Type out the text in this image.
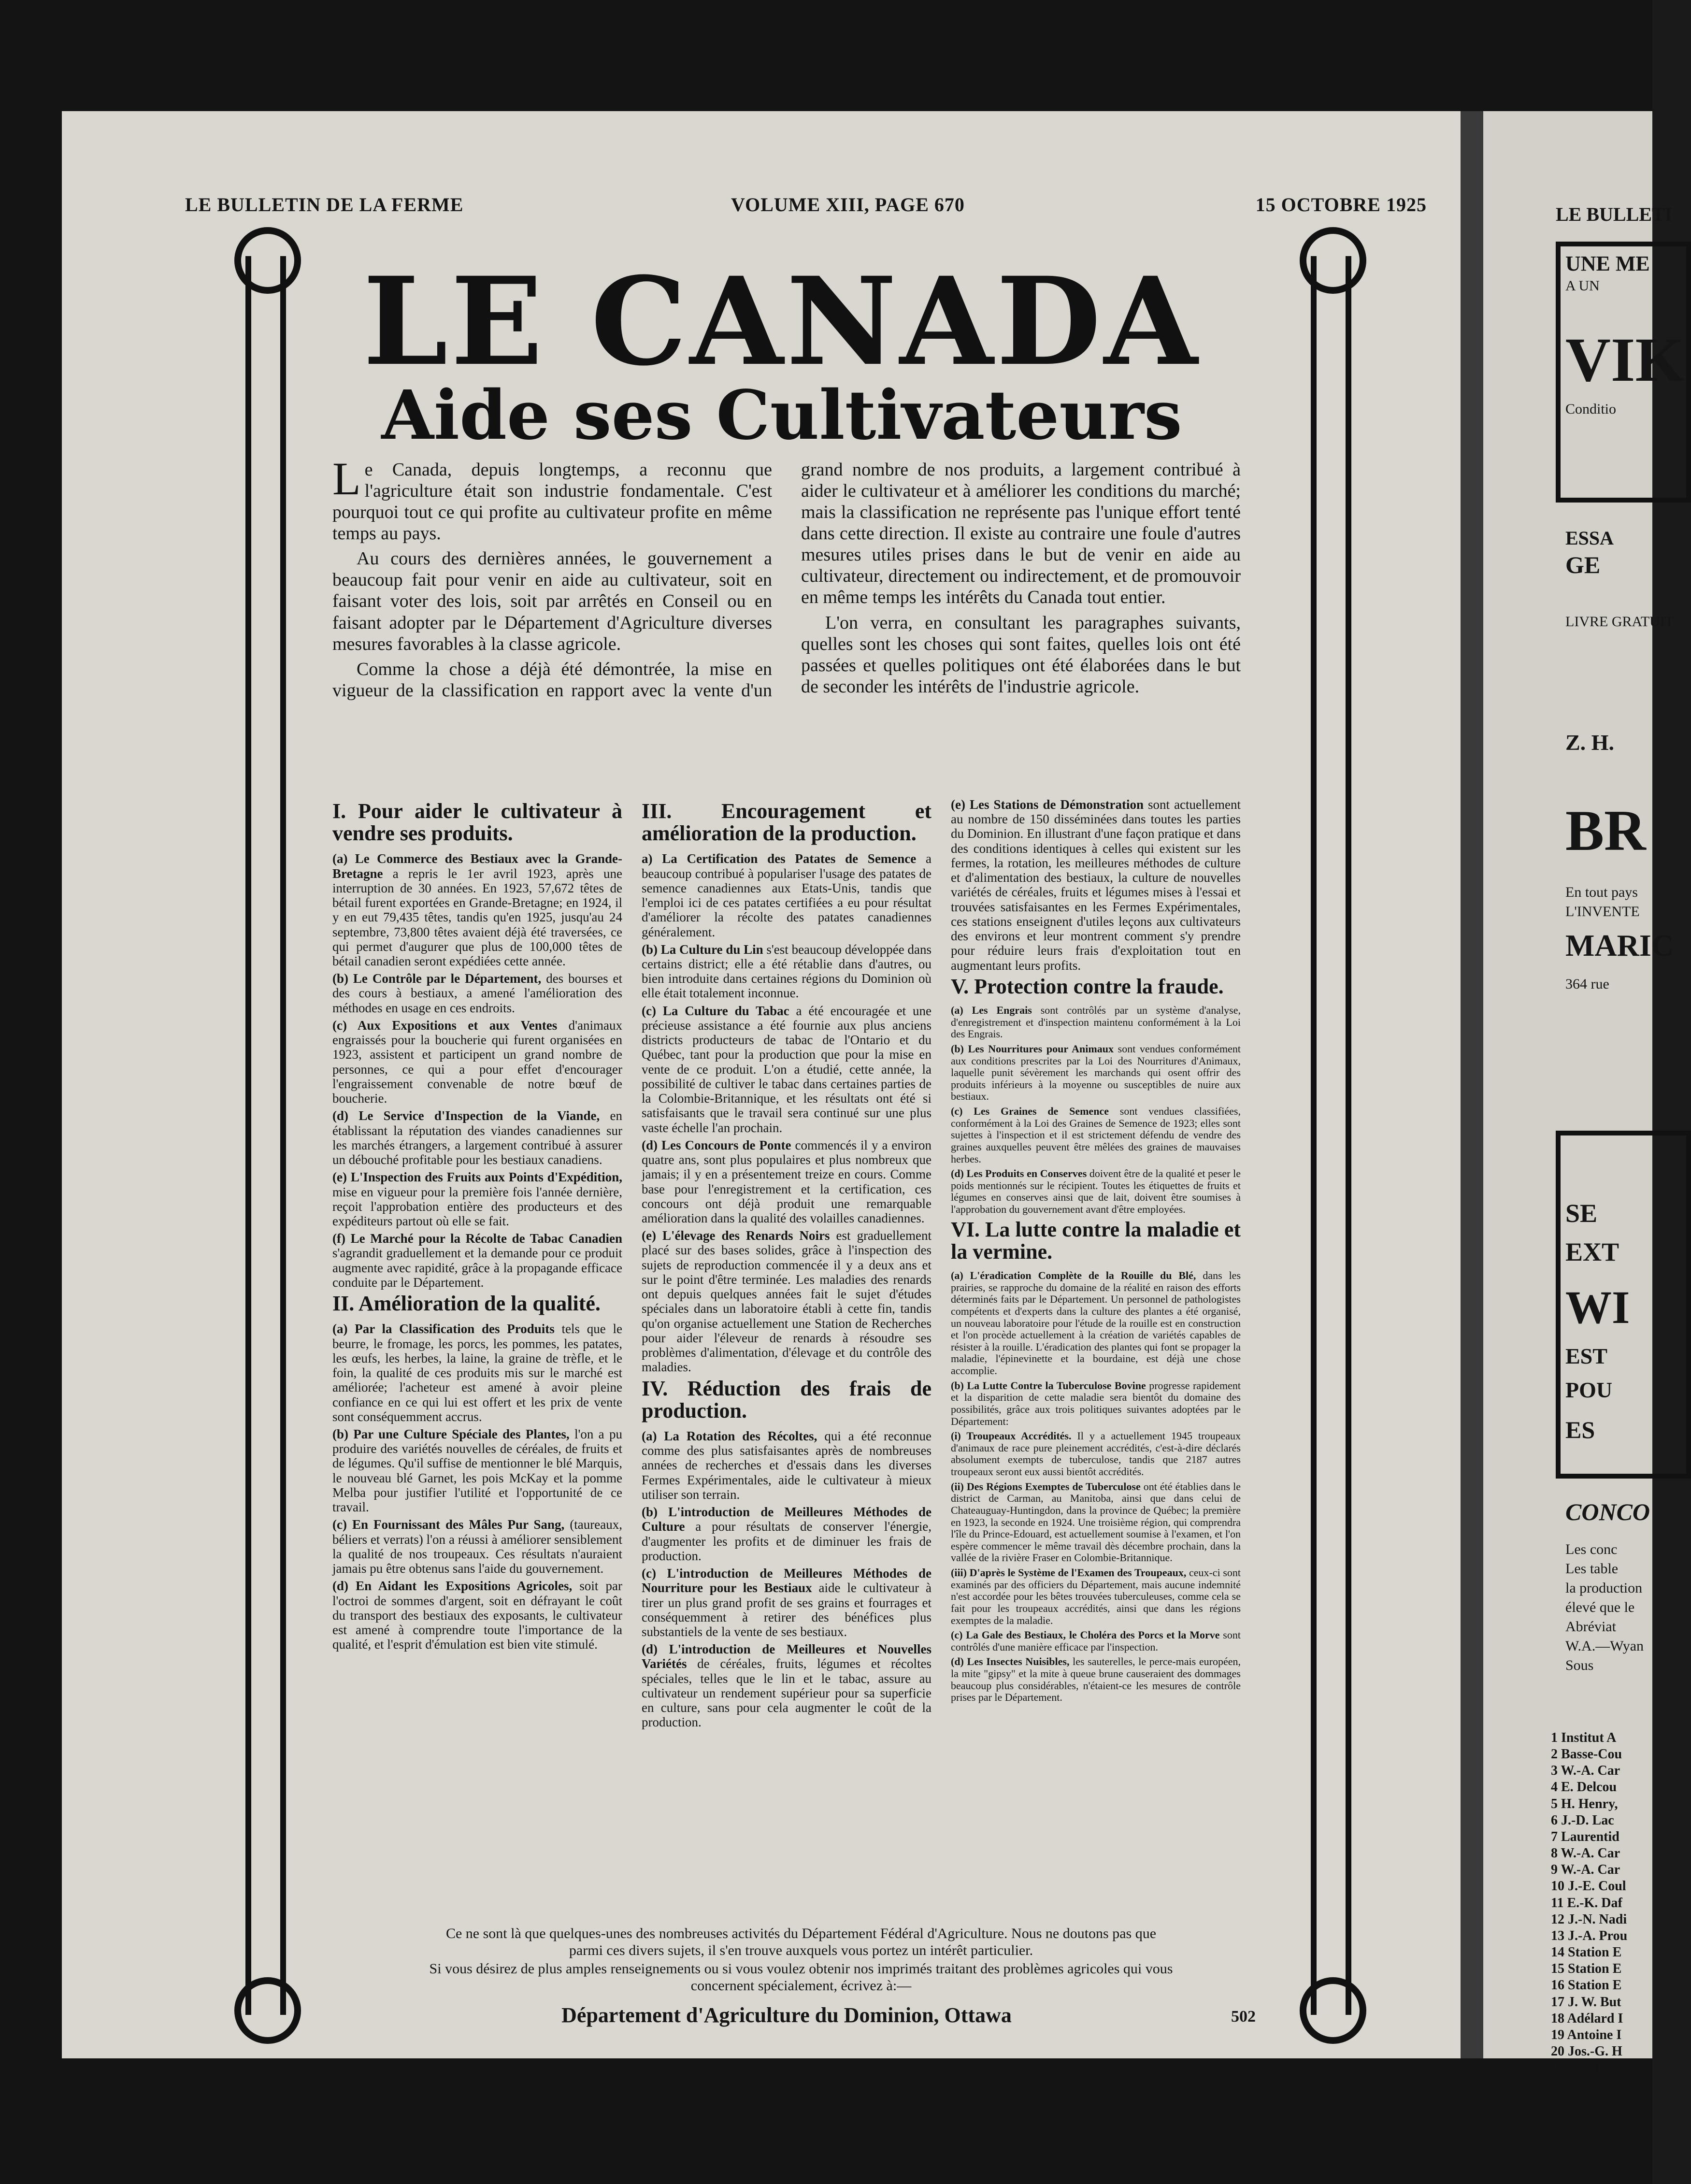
LE BULLETIN DE LA FERME	VOLUME XIII, PAGE 670	15 OCTOBRE 1925
LE CANADA
Aide ses Cultivateurs

Le Canada, depuis longtemps, a reconnu que l'agriculture était son industrie fondamentale. C'est pourquoi tout ce qui profite au cultivateur profite en même temps au pays.

Au cours des dernières années, le gouvernement a beaucoup fait pour venir en aide au cultivateur, soit en faisant voter des lois, soit par arrêtés en Conseil ou en faisant adopter par le Département d'Agriculture diverses mesures favorables à la classe agricole.

Comme la chose a déjà été démontrée, la mise en vigueur de la classification en rapport avec la vente d'un grand nombre de nos produits, a largement contribué à aider le cultivateur et à améliorer les conditions du marché; mais la classification ne représente pas l'unique effort tenté dans cette direction. Il existe au contraire une foule d'autres mesures utiles prises dans le but de venir en aide au cultivateur, directement ou indirectement, et de promouvoir en même temps les intérêts du Canada tout entier.

L'on verra, en consultant les paragraphes suivants, quelles sont les choses qui sont faites, quelles lois ont été passées et quelles politiques ont été élaborées dans le but de seconder les intérêts de l'industrie agricole.

I. Pour aider le cultivateur à vendre ses produits.

(a) Le Commerce des Bestiaux avec la Grande-Bretagne a repris le 1er avril 1923, après une interruption de 30 années. En 1923, 57,672 têtes de bétail furent exportées en Grande-Bretagne; en 1924, il y en eut 79,435 têtes, tandis qu'en 1925, jusqu'au 24 septembre, 73,800 têtes avaient déjà été traversées, ce qui permet d'augurer que plus de 100,000 têtes de bétail canadien seront expédiées cette année.

(b) Le Contrôle par le Département, des bourses et des cours à bestiaux, a amené l'amélioration des méthodes en usage en ces endroits.

(c) Aux Expositions et aux Ventes d'animaux engraissés pour la boucherie qui furent organisées en 1923, assistent et participent un grand nombre de personnes, ce qui a pour effet d'encourager l'engraissement convenable de notre bœuf de boucherie.

(d) Le Service d'Inspection de la Viande, en établissant la réputation des viandes canadiennes sur les marchés étrangers, a largement contribué à assurer un débouché profitable pour les bestiaux canadiens.

(e) L'Inspection des Fruits aux Points d'Expédition, mise en vigueur pour la première fois l'année dernière, reçoit l'approbation entière des producteurs et des expéditeurs partout où elle se fait.

(f) Le Marché pour la Récolte de Tabac Canadien s'agrandit graduellement et la demande pour ce produit augmente avec rapidité, grâce à la propagande efficace conduite par le Département.

II. Amélioration de la qualité.

(a) Par la Classification des Produits tels que le beurre, le fromage, les porcs, les pommes, les patates, les œufs, les herbes, la laine, la graine de trèfle, et le foin, la qualité de ces produits mis sur le marché est améliorée; l'acheteur est amené à avoir pleine confiance en ce qui lui est offert et les prix de vente sont conséquemment accrus.

(b) Par une Culture Spéciale des Plantes, l'on a pu produire des variétés nouvelles de céréales, de fruits et de légumes. Qu'il suffise de mentionner le blé Marquis, le nouveau blé Garnet, les pois McKay et la pomme Melba pour justifier l'utilité et l'opportunité de ce travail.

(c) En Fournissant des Mâles Pur Sang, (taureaux, béliers et verrats) l'on a réussi à améliorer sensiblement la qualité de nos troupeaux. Ces résultats n'auraient jamais pu être obtenus sans l'aide du gouvernement.

(d) En Aidant les Expositions Agricoles, soit par l'octroi de sommes d'argent, soit en défrayant le coût du transport des bestiaux des exposants, le cultivateur est amené à comprendre toute l'importance de la qualité, et l'esprit d'émulation est bien vite stimulé.

III. Encouragement et amélioration de la production.

a) La Certification des Patates de Semence a beaucoup contribué à populariser l'usage des patates de semence canadiennes aux Etats-Unis, tandis que l'emploi ici de ces patates certifiées a eu pour résultat d'améliorer la récolte des patates canadiennes généralement.

(b) La Culture du Lin s'est beaucoup développée dans certains district; elle a été rétablie dans d'autres, ou bien introduite dans certaines régions du Dominion où elle était totalement inconnue.

(c) La Culture du Tabac a été encouragée et une précieuse assistance a été fournie aux plus anciens districts producteurs de tabac de l'Ontario et du Québec, tant pour la production que pour la mise en vente de ce produit. L'on a étudié, cette année, la possibilité de cultiver le tabac dans certaines parties de la Colombie-Britannique, et les résultats ont été si satisfaisants que le travail sera continué sur une plus vaste échelle l'an prochain.

(d) Les Concours de Ponte commencés il y a environ quatre ans, sont plus populaires et plus nombreux que jamais; il y en a présentement treize en cours. Comme base pour l'enregistrement et la certification, ces concours ont déjà produit une remarquable amélioration dans la qualité des volailles canadiennes.

(e) L'élevage des Renards Noirs est graduellement placé sur des bases solides, grâce à l'inspection des sujets de reproduction commencée il y a deux ans et sur le point d'être terminée. Les maladies des renards ont depuis quelques années fait le sujet d'études spéciales dans un laboratoire établi à cette fin, tandis qu'on organise actuellement une Station de Recherches pour aider l'éleveur de renards à résoudre ses problèmes d'alimentation, d'élevage et du contrôle des maladies.

IV. Réduction des frais de production.

(a) La Rotation des Récoltes, qui a été reconnue comme des plus satisfaisantes après de nombreuses années de recherches et d'essais dans les diverses Fermes Expérimentales, aide le cultivateur à mieux utiliser son terrain.

(b) L'introduction de Meilleures Méthodes de Culture a pour résultats de conserver l'énergie, d'augmenter les profits et de diminuer les frais de production.

(c) L'introduction de Meilleures Méthodes de Nourriture pour les Bestiaux aide le cultivateur à tirer un plus grand profit de ses grains et fourrages et conséquemment à retirer des bénéfices plus substantiels de la vente de ses bestiaux.

(d) L'introduction de Meilleures et Nouvelles Variétés de céréales, fruits, légumes et récoltes spéciales, telles que le lin et le tabac, assure au cultivateur un rendement supérieur pour sa superficie en culture, sans pour cela augmenter le coût de la production.

(e) Les Stations de Démonstration sont actuellement au nombre de 150 disséminées dans toutes les parties du Dominion. En illustrant d'une façon pratique et dans des conditions identiques à celles qui existent sur les fermes, la rotation, les meilleures méthodes de culture et d'alimentation des bestiaux, la culture de nouvelles variétés de céréales, fruits et légumes mises à l'essai et trouvées satisfaisantes en les Fermes Expérimentales, ces stations enseignent d'utiles leçons aux cultivateurs des environs et leur montrent comment s'y prendre pour réduire leurs frais d'exploitation tout en augmentant leurs profits.

V. Protection contre la fraude.

(a) Les Engrais sont contrôlés par un système d'analyse, d'enregistrement et d'inspection maintenu conformément à la Loi des Engrais.

(b) Les Nourritures pour Animaux sont vendues conformément aux conditions prescrites par la Loi des Nourritures d'Animaux, laquelle punit sévèrement les marchands qui osent offrir des produits inférieurs à la moyenne ou susceptibles de nuire aux bestiaux.

(c) Les Graines de Semence sont vendues classifiées, conformément à la Loi des Graines de Semence de 1923; elles sont sujettes à l'inspection et il est strictement défendu de vendre des graines auxquelles peuvent être mêlées des graines de mauvaises herbes.

(d) Les Produits en Conserves doivent être de la qualité et peser le poids mentionnés sur le récipient. Toutes les étiquettes de fruits et légumes en conserves ainsi que de lait, doivent être soumises à l'approbation du gouvernement avant d'être employées.

VI. La lutte contre la maladie et la vermine.

(a) L'éradication Complète de la Rouille du Blé, dans les prairies, se rapproche du domaine de la réalité en raison des efforts déterminés faits par le Département. Un personnel de pathologistes compétents et d'experts dans la culture des plantes a été organisé, un nouveau laboratoire pour l'étude de la rouille est en construction et l'on procède actuellement à la création de variétés capables de résister à la rouille. L'éradication des plantes qui font se propager la maladie, l'épinevinette et la bourdaine, est déjà une chose accomplie.

(b) La Lutte Contre la Tuberculose Bovine progresse rapidement et la disparition de cette maladie sera bientôt du domaine des possibilités, grâce aux trois politiques suivantes adoptées par le Département:

(i) Troupeaux Accrédités. Il y a actuellement 1945 troupeaux d'animaux de race pure pleinement accrédités, c'est-à-dire déclarés absolument exempts de tuberculose, tandis que 2187 autres troupeaux seront eux aussi bientôt accrédités.

(ii) Des Régions Exemptes de Tuberculose ont été établies dans le district de Carman, au Manitoba, ainsi que dans celui de Chateauguay-Huntingdon, dans la province de Québec; la première en 1923, la seconde en 1924. Une troisième région, qui comprendra l'île du Prince-Edouard, est actuellement soumise à l'examen, et l'on espère commencer le même travail dès décembre prochain, dans la vallée de la rivière Fraser en Colombie-Britannique.

(iii) D'après le Système de l'Examen des Troupeaux, ceux-ci sont examinés par des officiers du Département, mais aucune indemnité n'est accordée pour les bêtes trouvées tuberculeuses, comme cela se fait pour les troupeaux accrédités, ainsi que dans les régions exemptes de la maladie.

(c) La Gale des Bestiaux, le Choléra des Porcs et la Morve sont contrôlés d'une manière efficace par l'inspection.

(d) Les Insectes Nuisibles, les sauterelles, le perce-mais européen, la mite "gipsy" et la mite à queue brune causeraient des dommages beaucoup plus considérables, n'étaient-ce les mesures de contrôle prises par le Département.

Ce ne sont là que quelques-unes des nombreuses activités du Département Fédéral d'Agriculture. Nous ne doutons pas que parmi ces divers sujets, il s'en trouve auxquels vous portez un intérêt particulier.

Si vous désirez de plus amples renseignements ou si vous voulez obtenir nos imprimés traitant des problèmes agricoles qui vous concernent spécialement, écrivez à:—

Département d'Agriculture du Dominion, Ottawa	502
LE BULLETI
UNE ME
A UN
VIK
Conditio
ESSA
GE
LIVRE GRATUIT
Z. H.
BR
En tout pays
L'INVENTE
MARIC
364 rue
SE
EXT
WI
EST
POU
ES
CONCO
Les conc
Les table
la production
élevé que le
Abréviat
W.A.—Wyan
Sous
1 Institut A
2 Basse-Cou
3 W.-A. Car
4 E. Delcou
5 H. Henry,
6 J.-D. Lac
7 Laurentid
8 W.-A. Car
9 W.-A. Car
10 J.-E. Coul
11 E.-K. Daf
12 J.-N. Nadi
13 J.-A. Prou
14 Station E
15 Station E
16 Station E
17 J. W. But
18 Adélard I
19 Antoine I
20 Jos.-G. H
21 Chs. E. P
